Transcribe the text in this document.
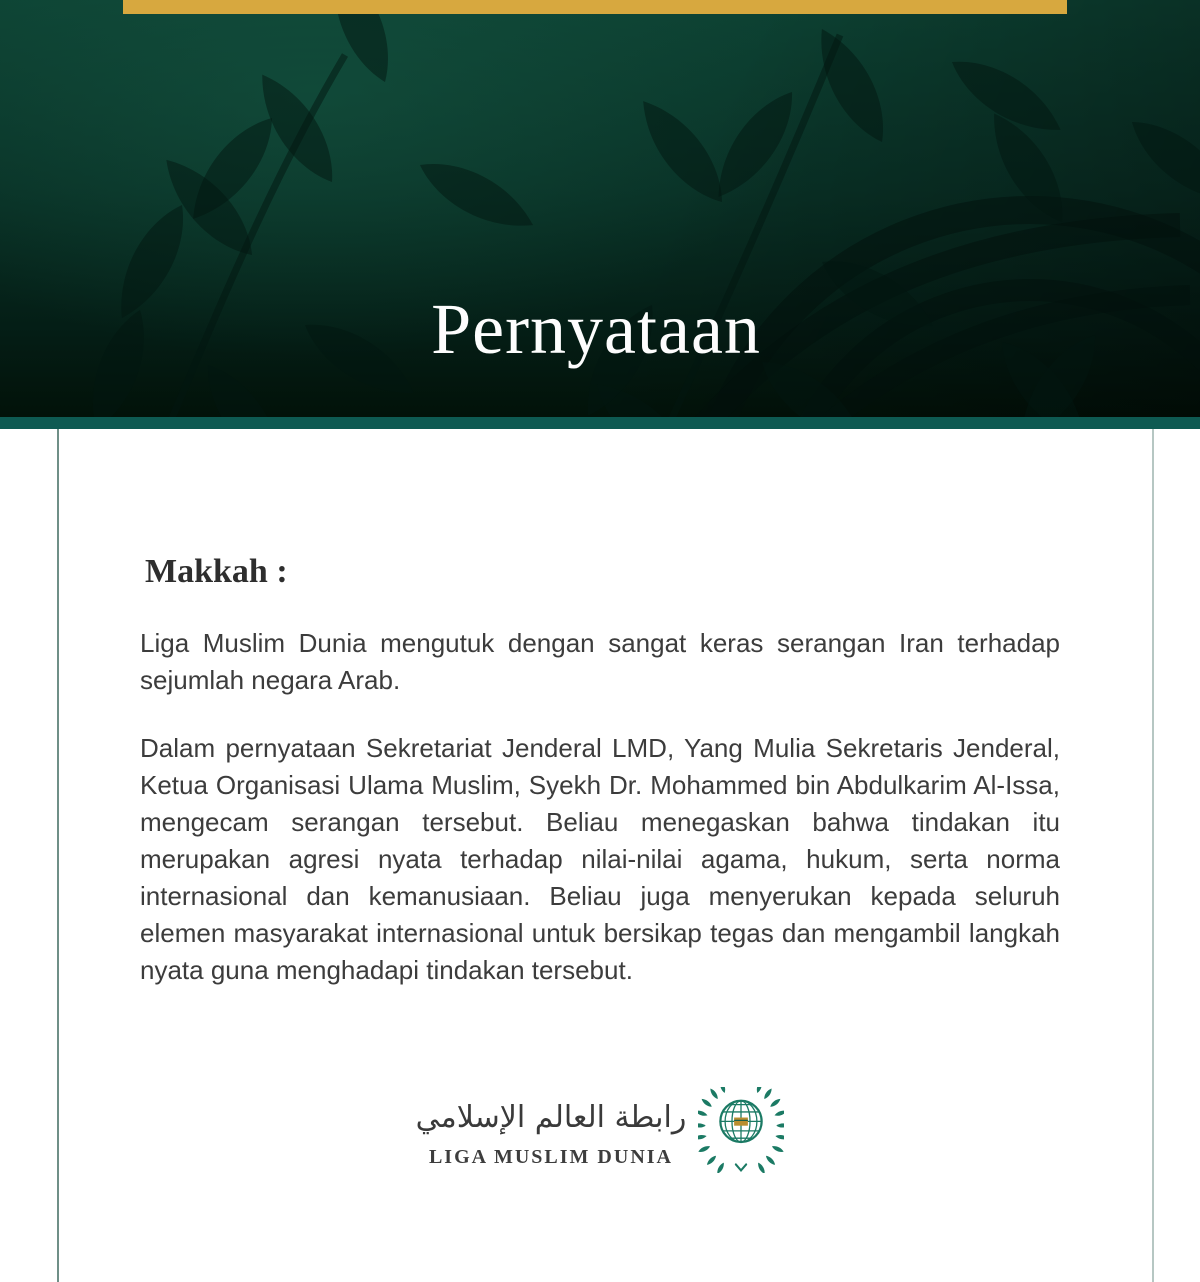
Pernyataan
Makkah :

Liga Muslim Dunia mengutuk dengan sangat keras serangan Iran terhadap sejumlah negara Arab.

Dalam pernyataan Sekretariat Jenderal LMD, Yang Mulia Sekretaris Jenderal, Ketua Organisasi Ulama Muslim, Syekh Dr. Mohammed bin Abdulkarim Al-Issa, mengecam serangan tersebut. Beliau menegaskan bahwa tindakan itu merupakan agresi nyata terhadap nilai-nilai agama, hukum, serta norma internasional dan kemanusiaan. Beliau juga menyerukan kepada seluruh elemen masyarakat internasional untuk bersikap tegas dan mengambil langkah nyata guna menghadapi tindakan tersebut.

رابطة العالم الإسلامي
LIGA MUSLIM DUNIA
